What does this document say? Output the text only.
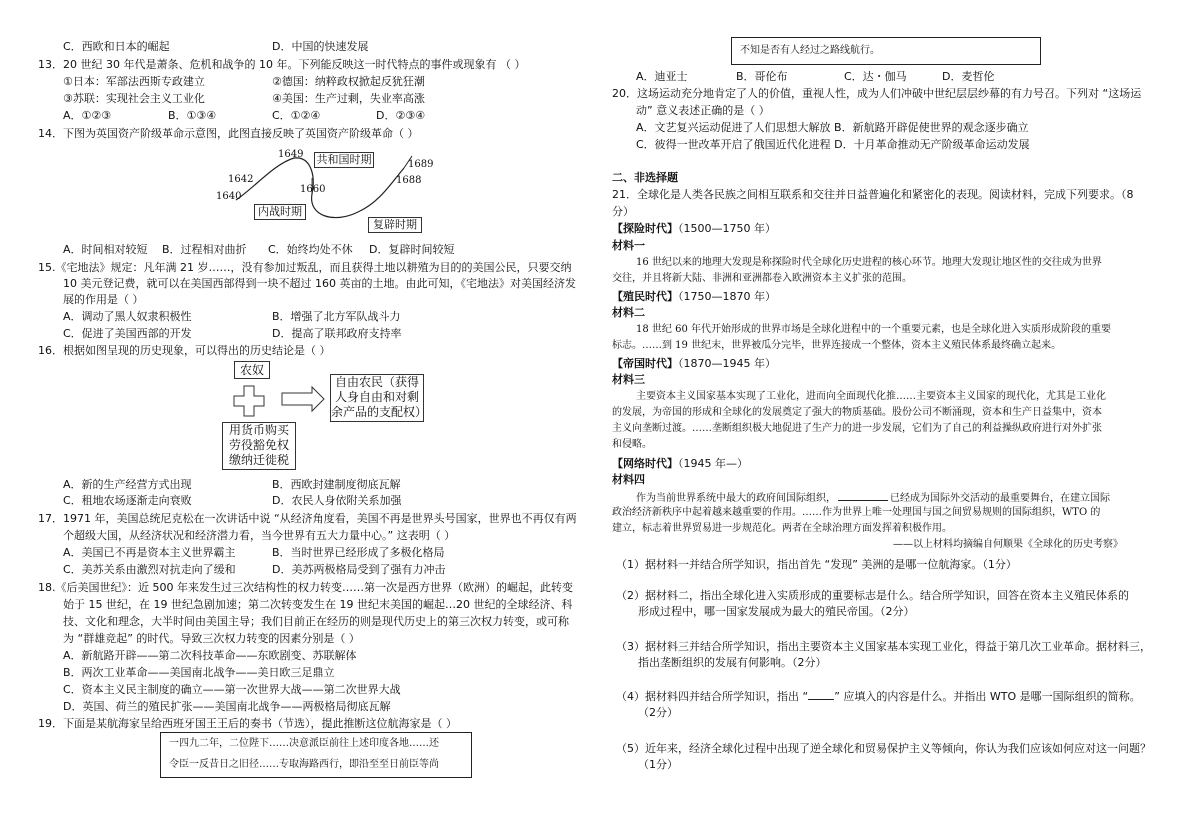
C．西欧和日本的崛起	D．中国的快速发展
13．20 世纪 30 年代是萧条、危机和战争的 10 年。下列能反映这一时代特点的事件或现象有 （ ）
①日本：军部法西斯专政建立	②德国：纳粹政权掀起反犹狂潮
③苏联：实现社会主义工业化	④美国：生产过剩，失业率高涨
A．①②③	B．①③④	C．①②④	D．②③④
14．下图为英国资产阶级革命示意图，此图直接反映了英国资产阶级革命（ ）
1649
1642
1640
1660
1689
1688
共和国时期
内战时期
复辟时期
A．时间相对较短 B．过程相对曲折 C．始终均处不休 D．复辟时间较短
15.《宅地法》规定：凡年满 21 岁……，没有参加过叛乱，而且获得土地以耕殖为目的的美国公民，只要交纳
10 美元登记费，就可以在美国西部得到一块不超过 160 英亩的土地。由此可知，《宅地法》对美国经济发
展的作用是（ ）
A．调动了黑人奴隶积极性	B．增强了北方军队战斗力
C．促进了美国西部的开发	D．提高了联邦政府支持率
16．根据如图呈现的历史现象，可以得出的历史结论是（ ）
农奴
自由农民（获得
人身自由和对剩
余产品的支配权）
用货币购买
劳役豁免权
缴纳迁徙税
A．新的生产经营方式出现	B．西欧封建制度彻底瓦解
C．租地农场逐渐走向衰败	D．农民人身依附关系加强
17．1971 年，美国总统尼克松在一次讲话中说 “从经济角度看，美国不再是世界头号国家，世界也不再仅有两
个超级大国，从经济状况和经济潜力看，当今世界有五大力量中心。” 这表明（ ）
A．美国已不再是资本主义世界霸主	B．当时世界已经形成了多极化格局
C．美苏关系由激烈对抗走向了缓和	D．美苏两极格局受到了强有力冲击
18.《后美国世纪》：近 500 年来发生过三次结构性的权力转变……第一次是西方世界（欧洲）的崛起，此转变
始于 15 世纪，在 19 世纪急剧加速；第二次转变发生在 19 世纪末美国的崛起…20 世纪的全球经济、科
技、文化和理念，大半时间由美国主导；我们目前正在经历的则是现代历史上的第三次权力转变，或可称
为 “群雄竞起” 的时代。导致三次权力转变的因素分别是（ ）
A．新航路开辟——第二次科技革命——东欧剧变、苏联解体
B．两次工业革命——美国南北战争——美日欧三足鼎立
C．资本主义民主制度的确立——第一次世界大战——第二次世界大战
D．英国、荷兰的殖民扩张——美国南北战争——两极格局彻底瓦解
19．下面是某航海家呈给西班牙国王王后的奏书（节选），提此推断这位航海家是（ ）
一四九二年，二位陛下……决意派臣前往上述印度各地……还
令臣一反昔日之旧径……专取海路西行，即沿至至日前臣等尚
不知是否有人经过之路线航行。
A．迪亚士	B．哥伦布	C．达・伽马	D．麦哲伦
20．这场运动充分地肯定了人的价值，重视人性，成为人们冲破中世纪层层纱幕的有力号召。下列对 “这场运
动” 意义表述正确的是（ ）
A．文艺复兴运动促进了人们思想大解放 B．新航路开辟促使世界的观念逐步确立
C．彼得一世改革开启了俄国近代化进程 D．十月革命推动无产阶级革命运动发展
二、非选择题
21．全球化是人类各民族之间相互联系和交往并日益普遍化和紧密化的表现。阅读材料，完成下列要求。（8
分）
【探险时代】（1500—1750 年）
材料一
16 世纪以来的地理大发现是称探险时代全球化历史进程的核心环节。地理大发现让地区性的交往成为世界
交往，并且将新大陆、非洲和亚洲都卷入欧洲资本主义扩张的范围。
【殖民时代】（1750—1870 年）
材料二
18 世纪 60 年代开始形成的世界市场是全球化进程中的一个重要元素，也是全球化进入实质形成阶段的重要
标志。……到 19 世纪末，世界被瓜分完毕，世界连接成一个整体，资本主义殖民体系最终确立起来。
【帝国时代】（1870—1945 年）
材料三
主要资本主义国家基本实现了工业化，进而向全面现代化推……主要资本主义国家的现代化，尤其是工业化
的发展，为帝国的形成和全球化的发展奠定了强大的物质基础。股份公司不断涌现，资本和生产日益集中，资本
主义向垄断过渡。……垄断组织极大地促进了生产力的进一步发展，它们为了自己的利益操纵政府进行对外扩张
和侵略。
【网络时代】（1945 年—）
材料四
作为当前世界系统中最大的政府间国际组织，	已经成为国际外交活动的最重要舞台，在建立国际
政治经济新秩序中起着越来越重要的作用。……作为世界上唯一处理国与国之间贸易规则的国际组织，WTO 的
建立，标志着世界贸易进一步规范化。两者在全球治理方面发挥着积极作用。
——以上材料均摘编自何顺果《全球化的历史考察》
（1）据材料一并结合所学知识，指出首先 “发现” 美洲的是哪一位航海家。（1分）
（2）据材料二，指出全球化进入实质形成的重要标志是什么。结合所学知识，回答在资本主义殖民体系的
形成过程中，哪一国家发展成为最大的殖民帝国。（2分）
（3）据材料三并结合所学知识，指出主要资本主义国家基本实现工业化，得益于第几次工业革命。据材料三，
指出垄断组织的发展有何影响。（2分）
（4）据材料四并结合所学知识，指出 “ ” 应填入的内容是什么。并指出 WTO 是哪一国际组织的简称。
（2分）
（5）近年来，经济全球化过程中出现了逆全球化和贸易保护主义等倾向，你认为我们应该如何应对这一问题？
（1分）
